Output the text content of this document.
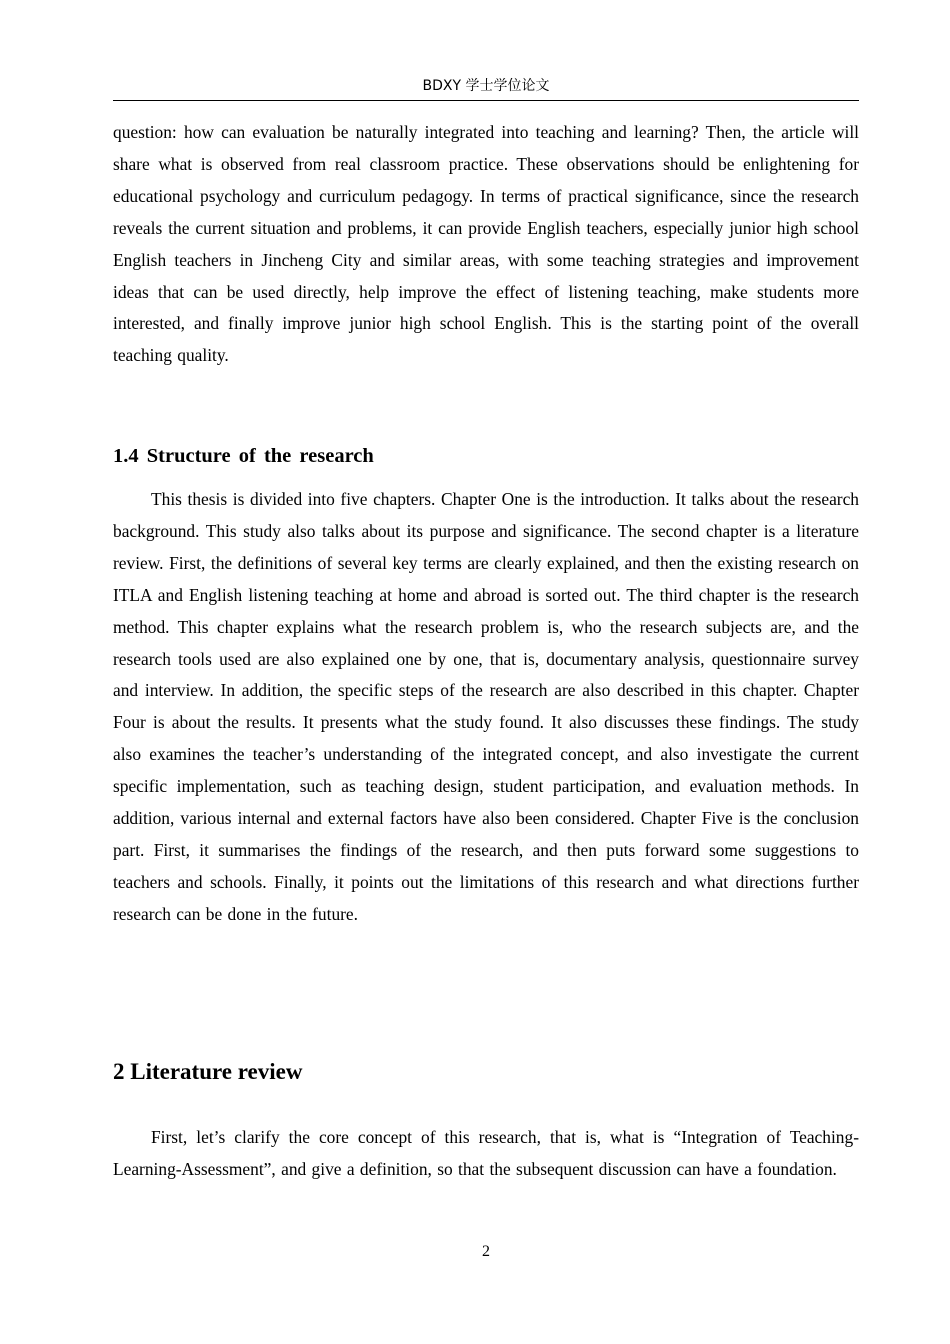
BDXY 学士学位论文

question: how can evaluation be naturally integrated into teaching and learning? Then, the article will share what is observed from real classroom practice. These observations should be enlightening for educational psychology and curriculum pedagogy. In terms of practical significance, since the research reveals the current situation and problems, it can provide English teachers, especially junior high school English teachers in Jincheng City and similar areas, with some teaching strategies and improvement ideas that can be used directly, help improve the effect of listening teaching, make students more interested, and finally improve junior high school English. This is the starting point of the overall teaching quality.

1.4 Structure of the research

This thesis is divided into five chapters. Chapter One is the introduction. It talks about the research background. This study also talks about its purpose and significance. The second chapter is a literature review. First, the definitions of several key terms are clearly explained, and then the existing research on ITLA and English listening teaching at home and abroad is sorted out. The third chapter is the research method. This chapter explains what the research problem is, who the research subjects are, and the research tools used are also explained one by one, that is, documentary analysis, questionnaire survey and interview. In addition, the specific steps of the research are also described in this chapter. Chapter Four is about the results. It presents what the study found. It also discusses these findings. The study also examines the teacher’s understanding of the integrated concept, and also investigate the current specific implementation, such as teaching design, student participation, and evaluation methods. In addition, various internal and external factors have also been considered. Chapter Five is the conclusion part. First, it summarises the findings of the research, and then puts forward some suggestions to teachers and schools. Finally, it points out the limitations of this research and what directions further research can be done in the future.

2 Literature review

First, let’s clarify the core concept of this research, that is, what is “Integration of Teaching-Learning-Assessment”, and give a definition, so that the subsequent discussion can have a foundation.

2
